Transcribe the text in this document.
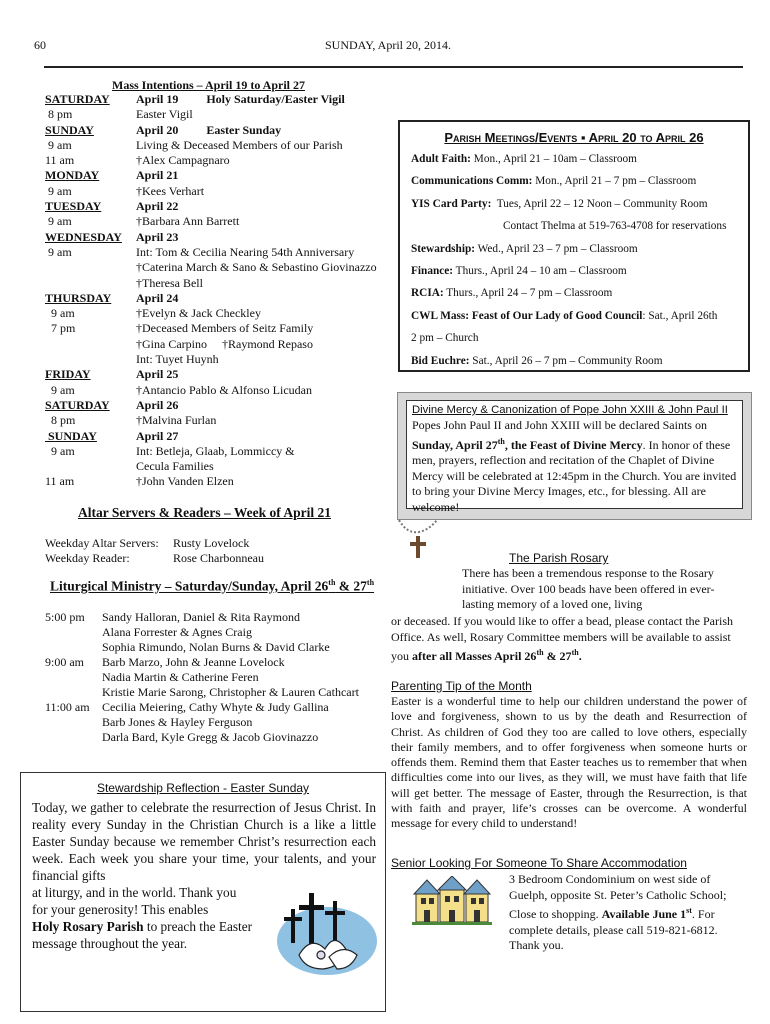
60	SUNDAY, April 20, 2014.
Mass Intentions – April 19 to April 27
SATURDAY	April 19 Holy Saturday/Easter Vigil
8 pm	Easter Vigil
SUNDAY	April 20 Easter Sunday
9 am	Living & Deceased Members of our Parish
11 am	†Alex Campagnaro
MONDAY	April 21
9 am	†Kees Verhart
TUESDAY	April 22
9 am	†Barbara Ann Barrett
WEDNESDAY	April 23
9 am	Int: Tom & Cecilia Nearing 54th Anniversary
†Caterina March & Sano & Sebastino Giovinazzo
†Theresa Bell
THURSDAY	April 24
9 am	†Evelyn & Jack Checkley
7 pm	†Deceased Members of Seitz Family
†Gina Carpino     †Raymond Repaso
Int: Tuyet Huynh
FRIDAY	April 25
9 am	†Antancio Pablo & Alfonso Licudan
SATURDAY	April 26
8 pm	†Malvina Furlan
SUNDAY	April 27
9 am	Int: Betleja, Glaab, Lommiccy &
Cecula Families
11 am	†John Vanden Elzen
Altar Servers & Readers – Week of April 21
Weekday Altar Servers: Rusty Lovelock
Weekday Reader:	Rose Charbonneau
Liturgical Ministry – Saturday/Sunday, April 26th & 27th
5:00 pm	Sandy Halloran, Daniel & Rita Raymond
Alana Forrester & Agnes Craig
Sophia Rimundo, Nolan Burns & David Clarke
9:00 am	Barb Marzo, John & Jeanne Lovelock
Nadia Martin & Catherine Feren
Kristie Marie Sarong, Christopher & Lauren Cathcart
11:00 am	Cecilia Meiering, Cathy Whyte & Judy Gallina
Barb Jones & Hayley Ferguson
Darla Bard, Kyle Gregg & Jacob Giovinazzo
Stewardship Reflection - Easter Sunday

Today, we gather to celebrate the resurrection of Jesus Christ. In reality every Sunday in the Christian Church is a like a little Easter Sunday because we remember Christ’s resurrection each week. Each week you share your time, your talents, and your financial gifts

at liturgy, and in the world. Thank you

for your generosity! This enables

Holy Rosary Parish to preach the Easter

message throughout the year.

Parish Meetings/Events ▪ April 20 to April 26
Adult Faith: Mon., April 21 – 10am – Classroom
Communications Comm: Mon., April 21 – 7 pm – Classroom
YIS Card Party:  Tues, April 22 – 12 Noon – Community Room
Contact Thelma at 519-763-4708 for reservations
Stewardship: Wed., April 23 – 7 pm – Classroom
Finance: Thurs., April 24 – 10 am – Classroom
RCIA: Thurs., April 24 – 7 pm – Classroom
CWL Mass: Feast of Our Lady of Good Council: Sat., April 26th
2 pm – Church
Bid Euchre: Sat., April 26 – 7 pm – Community Room
Divine Mercy & Canonization of Pope John XXIII & John Paul II
Popes John Paul II and John XXIII will be declared Saints on Sunday, April 27th, the Feast of Divine Mercy. In honor of these men, prayers, reflection and recitation of the Chaplet of Divine Mercy will be celebrated at 12:45pm in the Church. You are invited to bring your Divine Mercy Images, etc., for blessing. All are welcome!
The Parish Rosary
There has been a tremendous response to the Rosary initiative. Over 100 beads have been offered in ever-lasting memory of a loved one, living
or deceased. If you would like to offer a bead, please contact the Parish Office. As well, Rosary Committee members will be available to assist you after all Masses April 26th & 27th.
Parenting Tip of the Month
Easter is a wonderful time to help our children understand the power of love and forgiveness, shown to us by the death and Resurrection of Christ. As children of God they too are called to love others, especially their family members, and to offer forgiveness when someone hurts or offends them. Remind them that Easter teaches us to remember that when difficulties come into our lives, as they will, we must have faith that life will get better. The message of Easter, through the Resurrection, is that with faith and prayer, life’s crosses can be overcome. A wonderful message for every child to understand!
Senior Looking For Someone To Share Accommodation
3 Bedroom Condominium on west side of Guelph, opposite St. Peter’s Catholic School; Close to shopping. Available June 1st. For complete details, please call 519-821-6812. Thank you.
